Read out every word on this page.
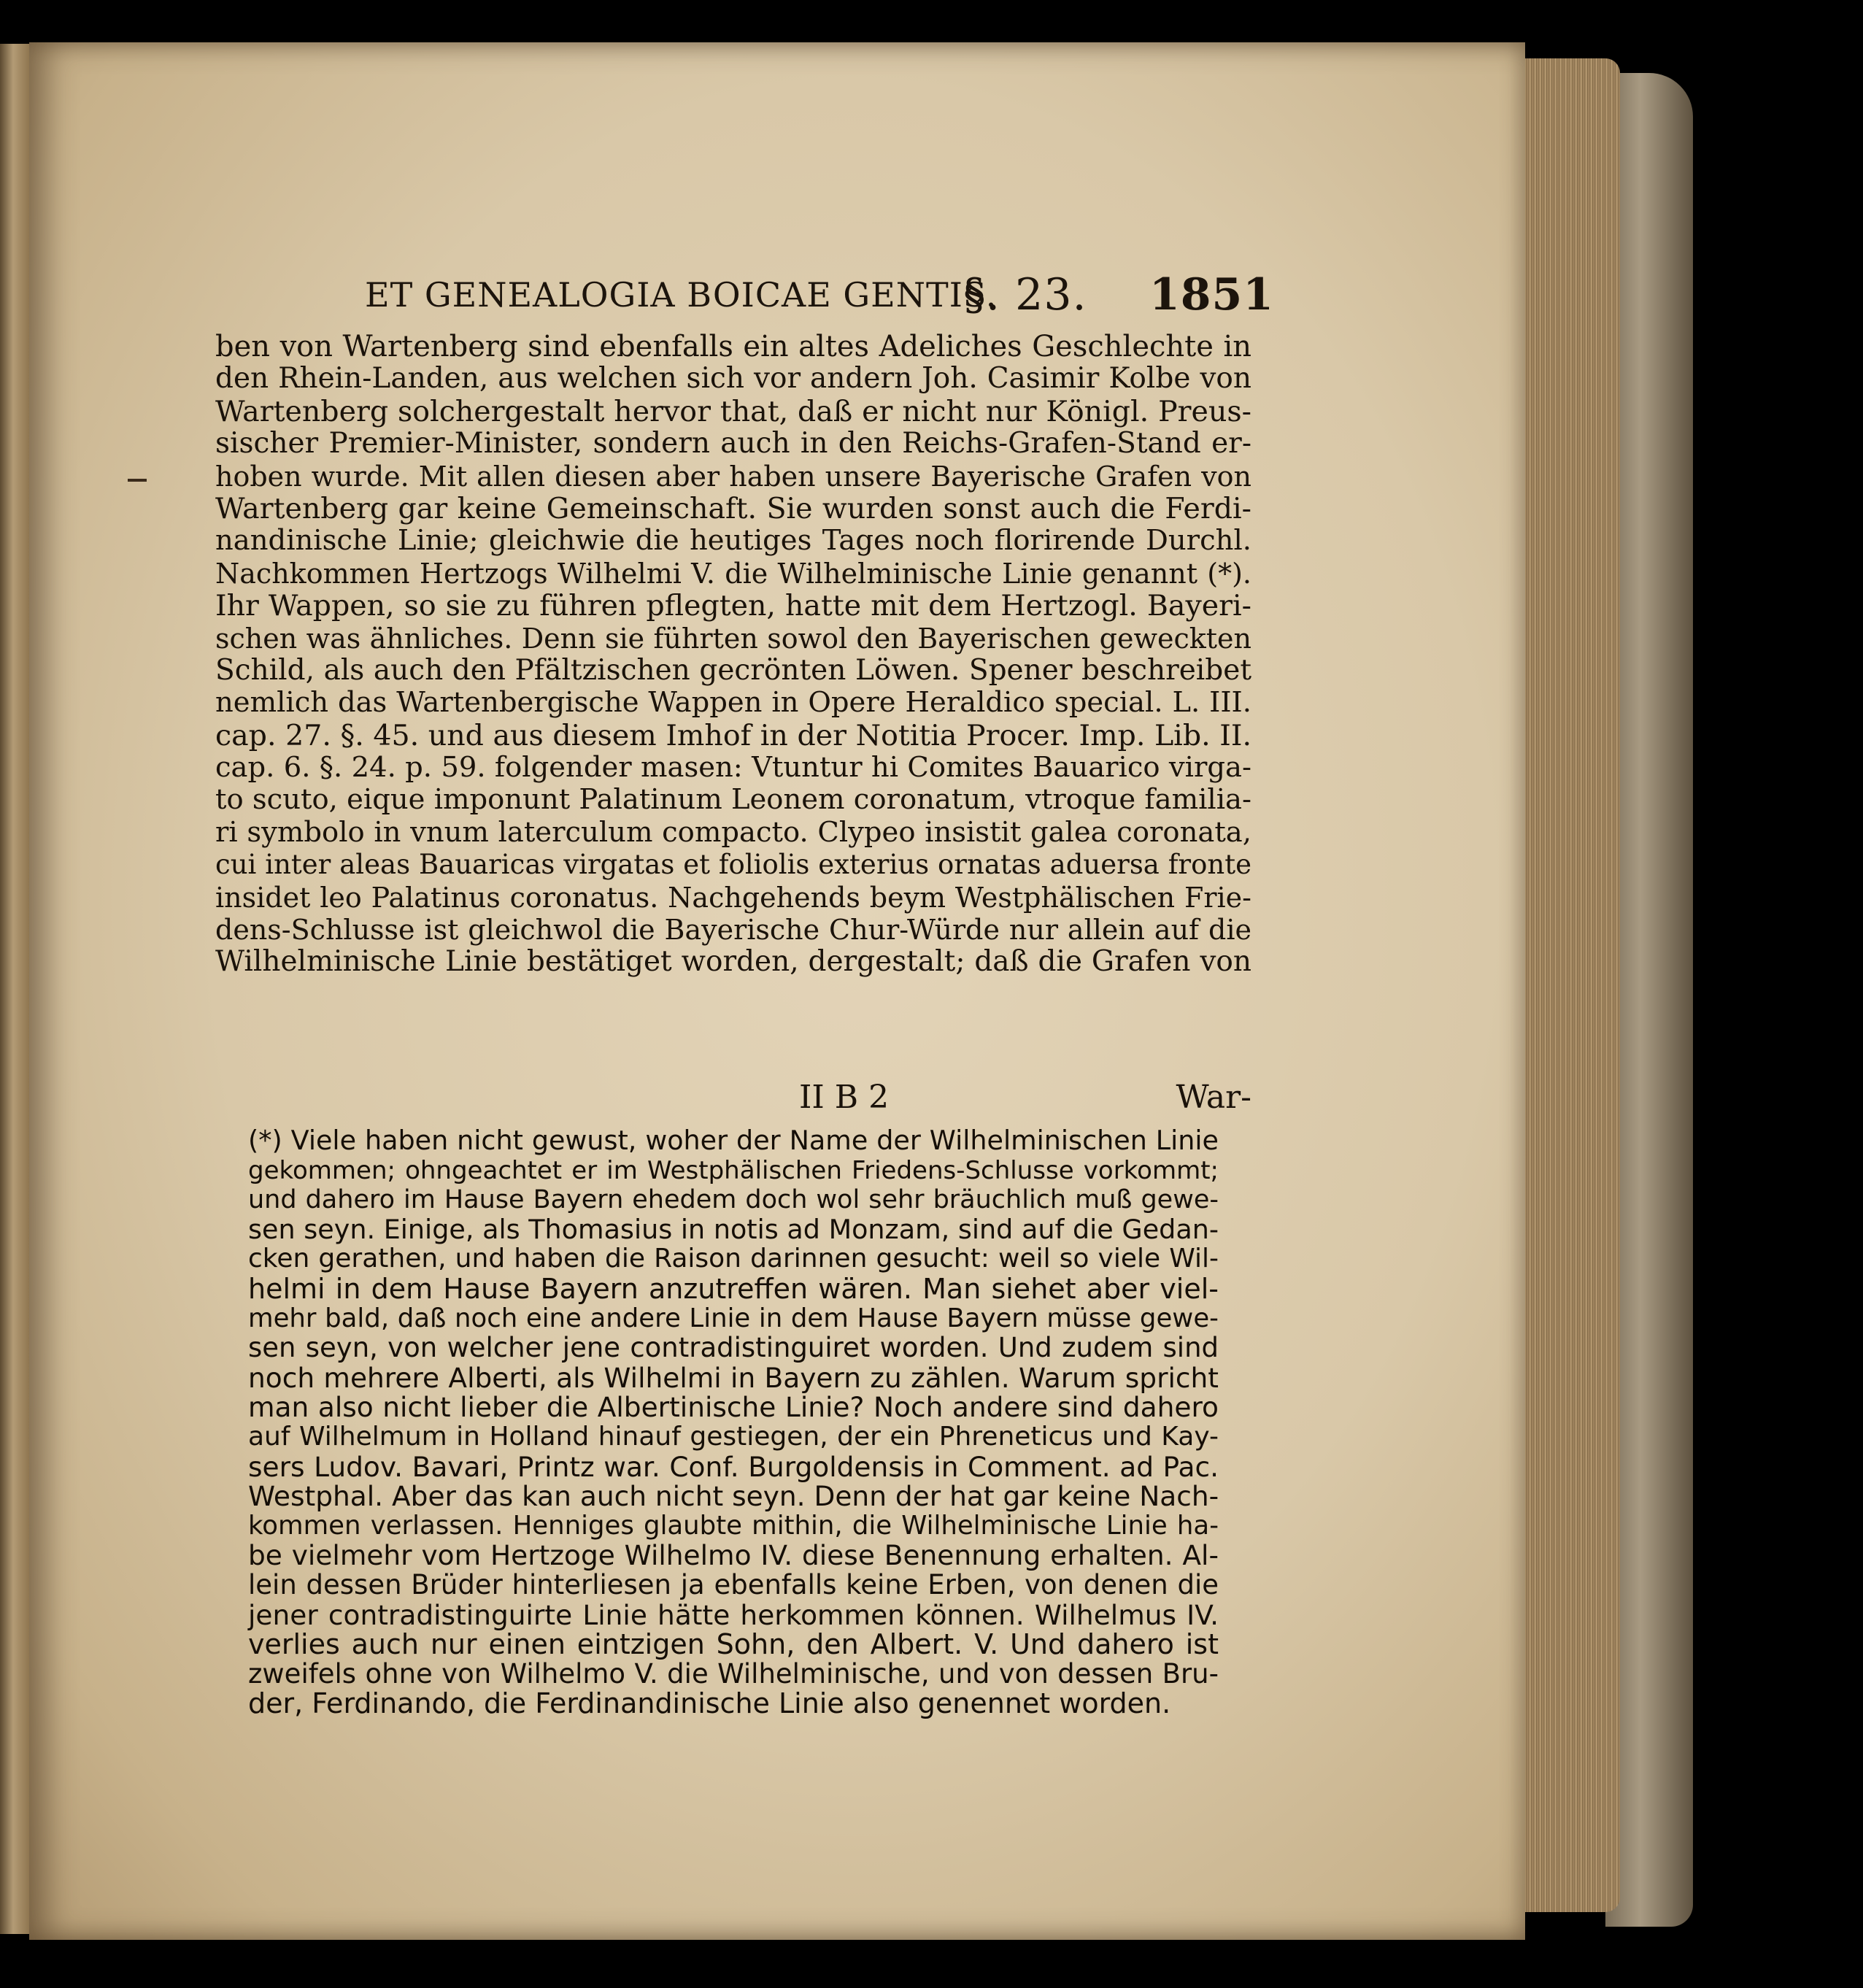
ET GENEALOGIA BOICAE GENTIS.
§. 23. 1851
ben von Wartenberg sind ebenfalls ein altes Adeliches Geschlechte in
den Rhein-Landen, aus welchen sich vor andern Joh. Casimir Kolbe von
Wartenberg solchergestalt hervor that, daß er nicht nur Königl. Preus-
sischer Premier-Minister, sondern auch in den Reichs-Grafen-Stand er-
hoben wurde. Mit allen diesen aber haben unsere Bayerische Grafen von
Wartenberg gar keine Gemeinschaft. Sie wurden sonst auch die Ferdi-
nandinische Linie; gleichwie die heutiges Tages noch florirende Durchl.
Nachkommen Hertzogs Wilhelmi V. die Wilhelminische Linie genannt (*).
Ihr Wappen, so sie zu führen pflegten, hatte mit dem Hertzogl. Bayeri-
schen was ähnliches. Denn sie führten sowol den Bayerischen geweckten
Schild, als auch den Pfältzischen gecrönten Löwen. Spener beschreibet
nemlich das Wartenbergische Wappen in Opere Heraldico special. L. III.
cap. 27. §. 45. und aus diesem Imhof in der Notitia Procer. Imp. Lib. II.
cap. 6. §. 24. p. 59. folgender masen: Vtuntur hi Comites Bauarico virga-
to scuto, eique imponunt Palatinum Leonem coronatum, vtroque familia-
ri symbolo in vnum laterculum compacto. Clypeo insistit galea coronata,
cui inter aleas Bauaricas virgatas et foliolis exterius ornatas aduersa fronte
insidet leo Palatinus coronatus. Nachgehends beym Westphälischen Frie-
dens-Schlusse ist gleichwol die Bayerische Chur-Würde nur allein auf die
Wilhelminische Linie bestätiget worden, dergestalt; daß die Grafen von
II B 2	War-
(*) Viele haben nicht gewust, woher der Name der Wilhelminischen Linie
gekommen; ohngeachtet er im Westphälischen Friedens-Schlusse vorkommt;
und dahero im Hause Bayern ehedem doch wol sehr bräuchlich muß gewe-
sen seyn. Einige, als Thomasius in notis ad Monzam, sind auf die Gedan-
cken gerathen, und haben die Raison darinnen gesucht: weil so viele Wil-
helmi in dem Hause Bayern anzutreffen wären. Man siehet aber viel-
mehr bald, daß noch eine andere Linie in dem Hause Bayern müsse gewe-
sen seyn, von welcher jene contradistinguiret worden. Und zudem sind
noch mehrere Alberti, als Wilhelmi in Bayern zu zählen. Warum spricht
man also nicht lieber die Albertinische Linie? Noch andere sind dahero
auf Wilhelmum in Holland hinauf gestiegen, der ein Phreneticus und Kay-
sers Ludov. Bavari, Printz war. Conf. Burgoldensis in Comment. ad Pac.
Westphal. Aber das kan auch nicht seyn. Denn der hat gar keine Nach-
kommen verlassen. Henniges glaubte mithin, die Wilhelminische Linie ha-
be vielmehr vom Hertzoge Wilhelmo IV. diese Benennung erhalten. Al-
lein dessen Brüder hinterliesen ja ebenfalls keine Erben, von denen die
jener contradistinguirte Linie hätte herkommen können. Wilhelmus IV.
verlies auch nur einen eintzigen Sohn, den Albert. V. Und dahero ist
zweifels ohne von Wilhelmo V. die Wilhelminische, und von dessen Bru-
der, Ferdinando, die Ferdinandinische Linie also genennet worden.
